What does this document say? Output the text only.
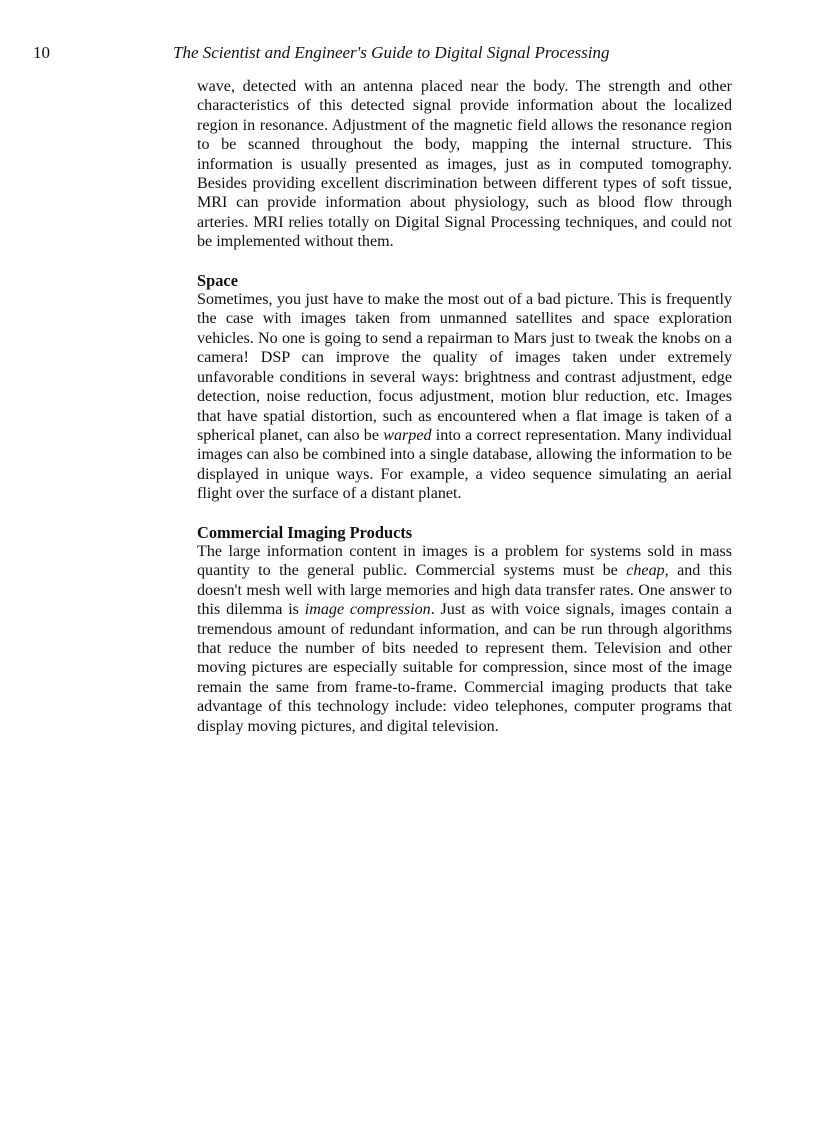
10	The Scientist and Engineer's Guide to Digital Signal Processing

wave, detected with an antenna placed near the body. The strength and other characteristics of this detected signal provide information about the localized region in resonance. Adjustment of the magnetic field allows the resonance region to be scanned throughout the body, mapping the internal structure. This information is usually presented as images, just as in computed tomography. Besides providing excellent discrimination between different types of soft tissue, MRI can provide information about physiology, such as blood flow through arteries. MRI relies totally on Digital Signal Processing techniques, and could not be implemented without them.

Space

Sometimes, you just have to make the most out of a bad picture. This is frequently the case with images taken from unmanned satellites and space exploration vehicles. No one is going to send a repairman to Mars just to tweak the knobs on a camera! DSP can improve the quality of images taken under extremely unfavorable conditions in several ways: brightness and contrast adjustment, edge detection, noise reduction, focus adjustment, motion blur reduction, etc. Images that have spatial distortion, such as encountered when a flat image is taken of a spherical planet, can also be warped into a correct representation. Many individual images can also be combined into a single database, allowing the information to be displayed in unique ways. For example, a video sequence simulating an aerial flight over the surface of a distant planet.

Commercial Imaging Products

The large information content in images is a problem for systems sold in mass quantity to the general public. Commercial systems must be cheap, and this doesn't mesh well with large memories and high data transfer rates. One answer to this dilemma is image compression. Just as with voice signals, images contain a tremendous amount of redundant information, and can be run through algorithms that reduce the number of bits needed to represent them. Television and other moving pictures are especially suitable for compression, since most of the image remain the same from frame-to-frame. Commercial imaging products that take advantage of this technology include: video telephones, computer programs that display moving pictures, and digital television.
